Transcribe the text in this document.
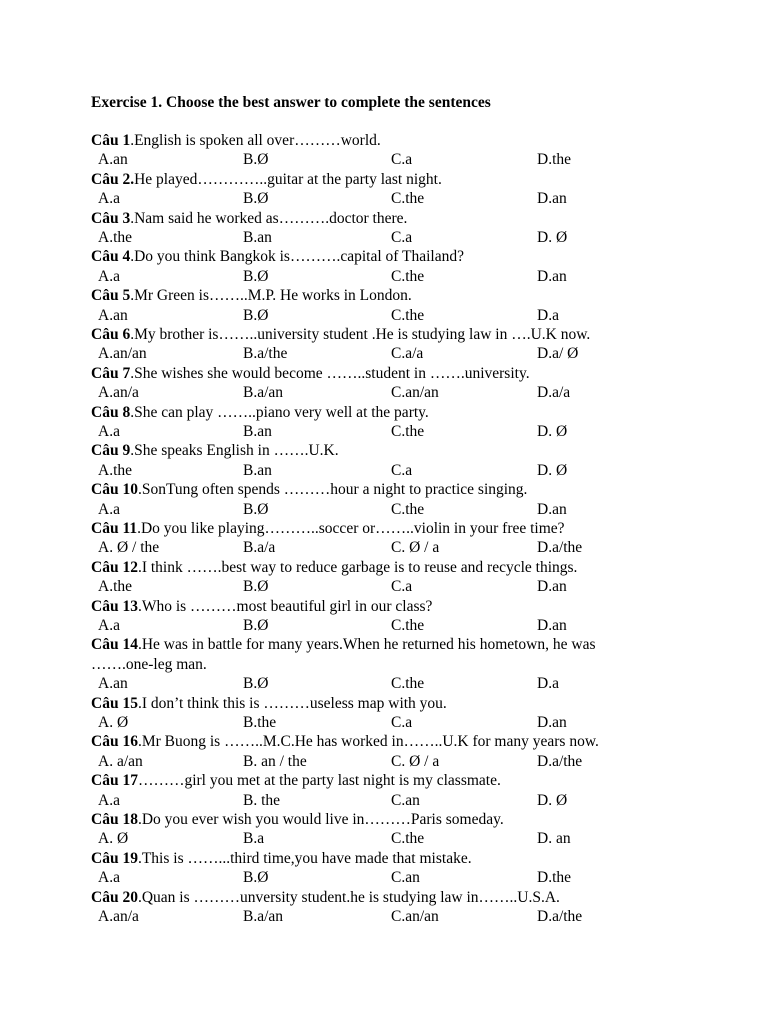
Exercise 1. Choose the best answer to complete the sentences
Câu 1.English is spoken all over………world.
A.an	B.Ø	C.a	D.the
Câu 2.He played…………..guitar at the party last night.
A.a	B.Ø	C.the	D.an
Câu 3.Nam said he worked as……….doctor there.
A.the	B.an	C.a	D. Ø
Câu 4.Do you think Bangkok is……….capital of Thailand?
A.a	B.Ø	C.the	D.an
Câu 5.Mr Green is……..M.P. He works in London.
A.an	B.Ø	C.the	D.a
Câu 6.My brother is……..university student .He is studying law in ….U.K now.
A.an/an	B.a/the	C.a/a	D.a/ Ø
Câu 7.She wishes she would become ……..student in …….university.
A.an/a	B.a/an	C.an/an	D.a/a
Câu 8.She can play ……..piano very well at the party.
A.a	B.an	C.the	D. Ø
Câu 9.She speaks English in …….U.K.
A.the	B.an	C.a	D. Ø
Câu 10.SonTung often spends ………hour a night to practice singing.
A.a	B.Ø	C.the	D.an
Câu 11.Do you like playing………..soccer or……..violin in your free time?
A. Ø / the	B.a/a	C. Ø / a	D.a/the
Câu 12.I think …….best way to reduce garbage is to reuse and recycle things.
A.the	B.Ø	C.a	D.an
Câu 13.Who is ………most beautiful girl in our class?
A.a	B.Ø	C.the	D.an
Câu 14.He was in battle for many years.When he returned his hometown, he was …….one-leg man.
A.an	B.Ø	C.the	D.a
Câu 15.I don’t think this is ………useless map with you.
A. Ø	B.the	C.a	D.an
Câu 16.Mr Buong is ……..M.C.He has worked in……..U.K for many years now.
A. a/an	B. an / the	C. Ø / a	D.a/the
Câu 17………girl you met at the party last night is my classmate.
A.a	B. the	C.an	D. Ø
Câu 18.Do you ever wish you would live in………Paris someday.
A. Ø	B.a	C.the	D. an
Câu 19.This is ……...third time,you have made that mistake.
A.a	B.Ø	C.an	D.the
Câu 20.Quan is ………unversity student.he is studying law in……..U.S.A.
A.an/a	B.a/an	C.an/an	D.a/the
